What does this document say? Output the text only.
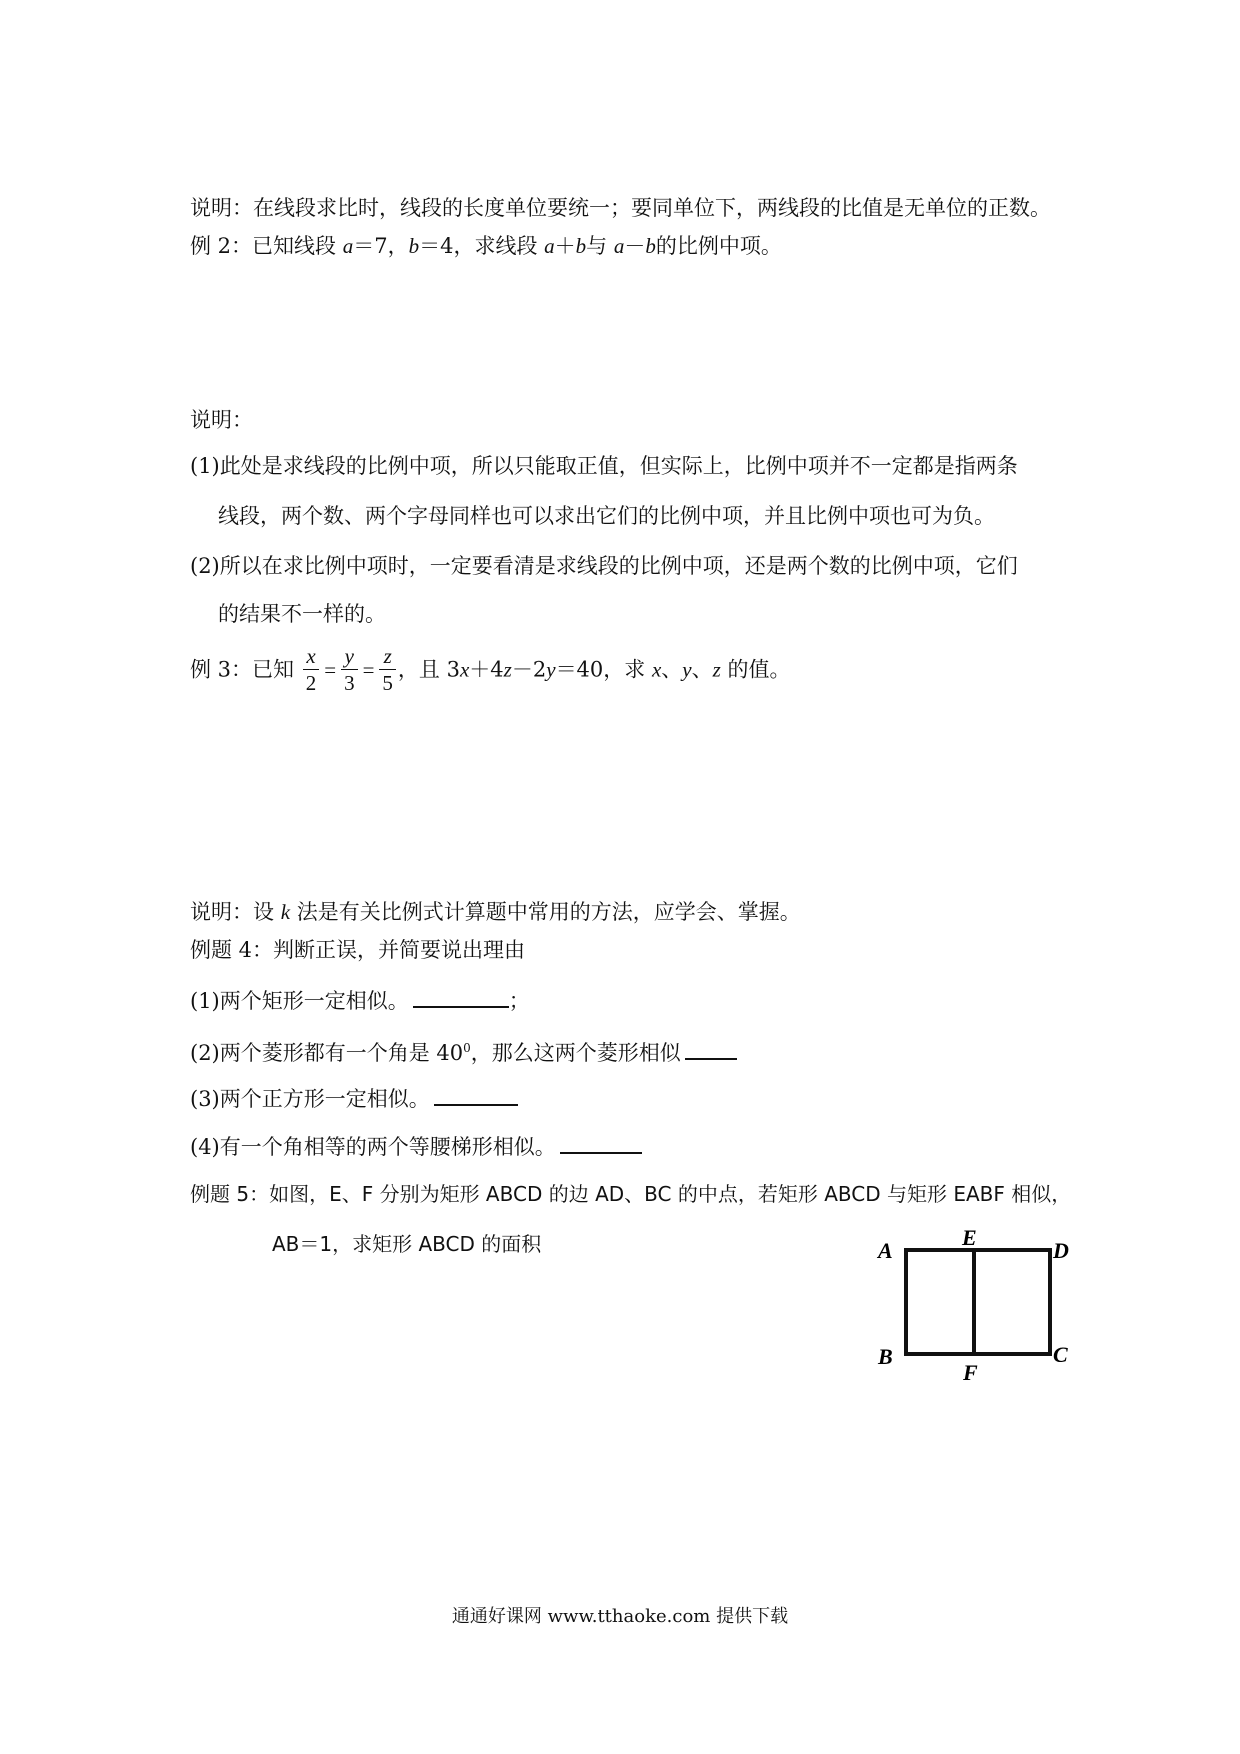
说明：在线段求比时，线段的长度单位要统一；要同单位下，两线段的比值是无单位的正数。
例 2：已知线段 a＝7，b＝4，求线段 a＋b与 a－b的比例中项。
说明：
(1)此处是求线段的比例中项，所以只能取正值，但实际上，比例中项并不一定都是指两条
线段，两个数、两个字母同样也可以求出它们的比例中项，并且比例中项也可为负。
(2)所以在求比例中项时，一定要看清是求线段的比例中项，还是两个数的比例中项，它们
的结果不一样的。
例 3：已知 $\frac{x}{2} = \frac{y}{3} = \frac{z}{5}$ ，且 3x＋4z－2y＝40，求 x、y、z 的值。
说明：设 k 法是有关比例式计算题中常用的方法，应学会、掌握。
例题 4：判断正误，并简要说出理由
(1)两个矩形一定相似。	；
(2)两个菱形都有一个角是 $40^0$，那么这两个菱形相似
(3)两个正方形一定相似。
(4)有一个角相等的两个等腰梯形相似。
例题 5：如图，E、F 分别为矩形 ABCD 的边 AD、BC 的中点，若矩形 ABCD 与矩形 EABF 相似，
AB＝1，求矩形 ABCD 的面积	A
E
D
B
F
C
通通好课网 www.tthaoke.com 提供下载
